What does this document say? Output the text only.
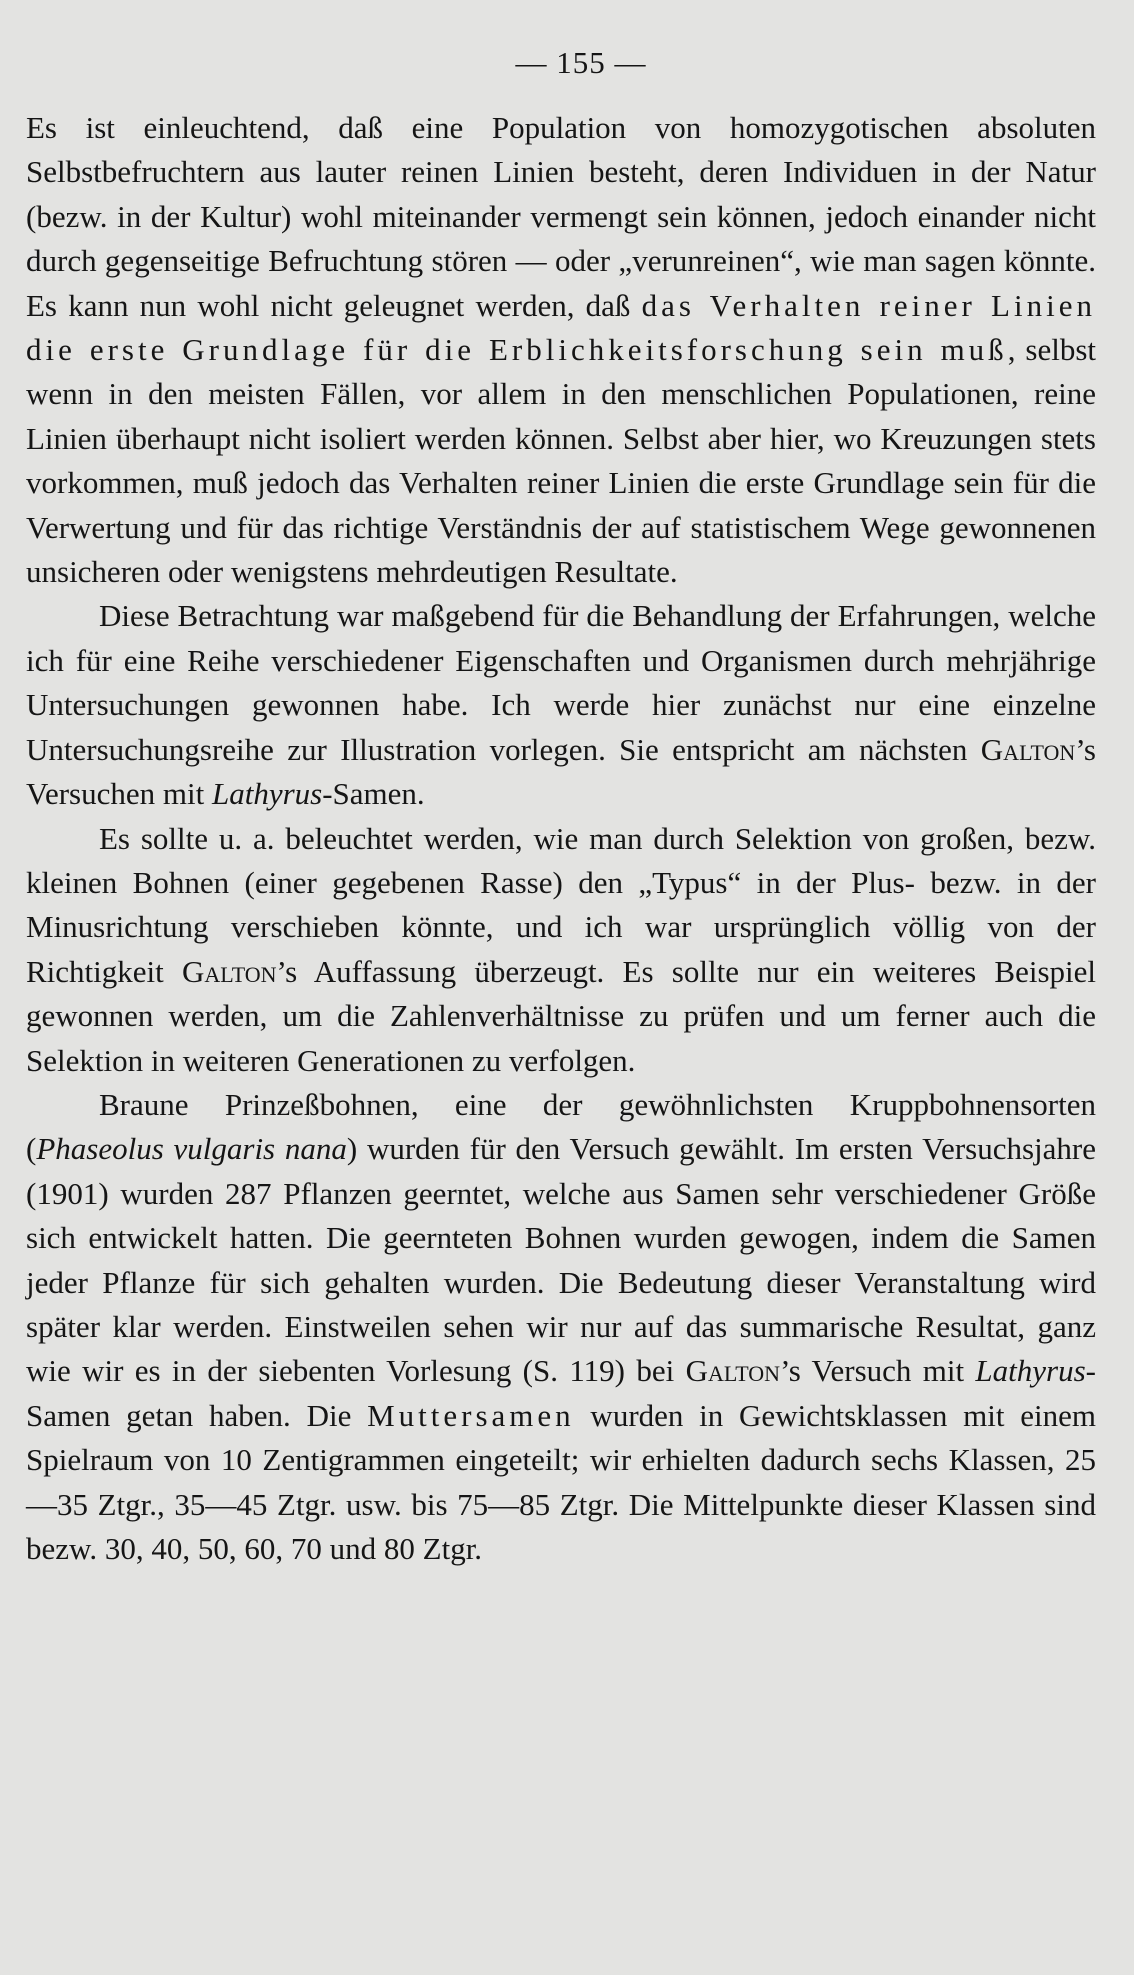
— 155 —

Es ist einleuchtend, daß eine Population von homozygotischen absoluten Selbstbefruchtern aus lauter reinen Linien besteht, deren Individuen in der Natur (bezw. in der Kultur) wohl miteinander vermengt sein können, jedoch einander nicht durch gegenseitige Befruchtung stören — oder „verunreinen“, wie man sagen könnte. Es kann nun wohl nicht geleugnet werden, daß das Verhalten reiner Linien die erste Grundlage für die Erblichkeitsforschung sein muß, selbst wenn in den meisten Fällen, vor allem in den menschlichen Populationen, reine Linien überhaupt nicht isoliert werden können. Selbst aber hier, wo Kreuzungen stets vorkommen, muß jedoch das Verhalten reiner Linien die erste Grundlage sein für die Verwertung und für das richtige Verständnis der auf statistischem Wege gewonnenen unsicheren oder wenigstens mehrdeutigen Resultate.

Diese Betrachtung war maßgebend für die Behandlung der Erfahrungen, welche ich für eine Reihe verschiedener Eigenschaften und Organismen durch mehrjährige Untersuchungen gewonnen habe. Ich werde hier zunächst nur eine einzelne Untersuchungsreihe zur Illustration vorlegen. Sie entspricht am nächsten Galton’s Versuchen mit Lathyrus-Samen.

Es sollte u. a. beleuchtet werden, wie man durch Selektion von großen, bezw. kleinen Bohnen (einer gegebenen Rasse) den „Typus“ in der Plus- bezw. in der Minusrichtung verschieben könnte, und ich war ursprünglich völlig von der Richtigkeit Galton’s Auffassung überzeugt. Es sollte nur ein weiteres Beispiel gewonnen werden, um die Zahlenverhältnisse zu prüfen und um ferner auch die Selektion in weiteren Generationen zu verfolgen.

Braune Prinzeßbohnen, eine der gewöhnlichsten Kruppbohnensorten (Phaseolus vulgaris nana) wurden für den Versuch gewählt. Im ersten Versuchsjahre (1901) wurden 287 Pflanzen geerntet, welche aus Samen sehr verschiedener Größe sich entwickelt hatten. Die geernteten Bohnen wurden gewogen, indem die Samen jeder Pflanze für sich gehalten wurden. Die Bedeutung dieser Veranstaltung wird später klar werden. Einstweilen sehen wir nur auf das summarische Resultat, ganz wie wir es in der siebenten Vorlesung (S. 119) bei Galton’s Versuch mit Lathyrus-Samen getan haben. Die Muttersamen wurden in Gewichtsklassen mit einem Spielraum von 10 Zentigrammen eingeteilt; wir erhielten dadurch sechs Klassen, 25—35 Ztgr., 35—45 Ztgr. usw. bis 75—85 Ztgr. Die Mittelpunkte dieser Klassen sind bezw. 30, 40, 50, 60, 70 und 80 Ztgr.
